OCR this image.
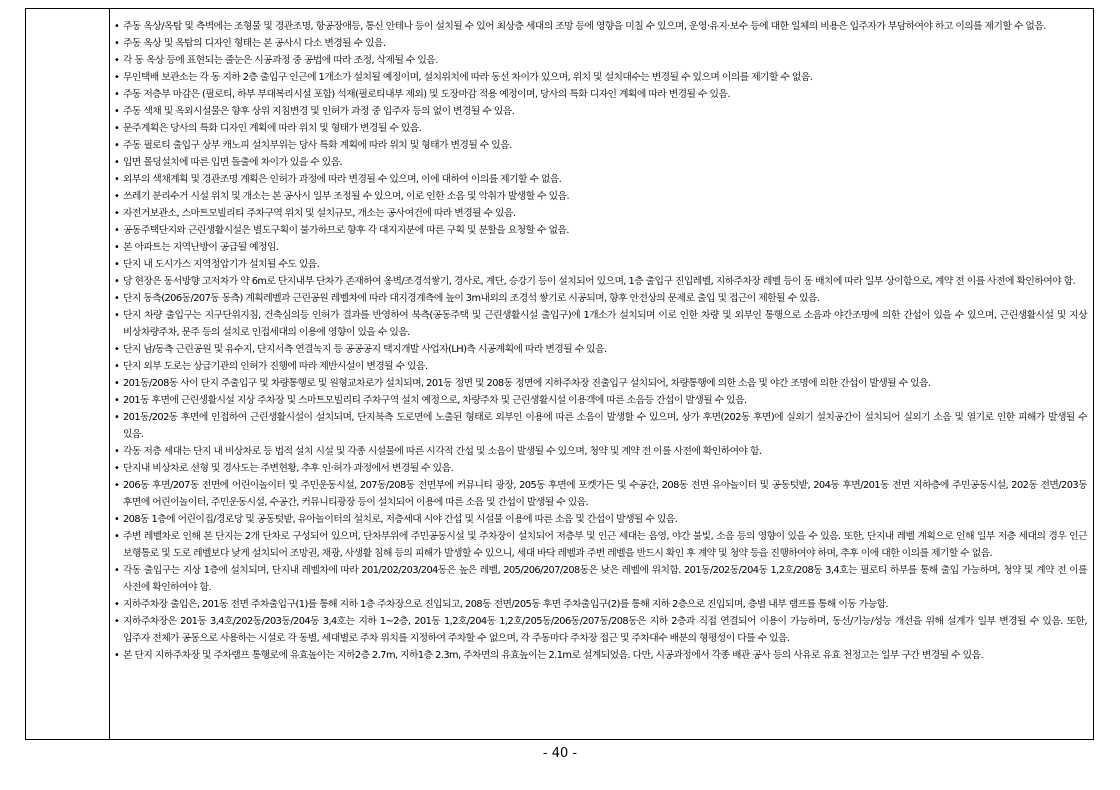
• 주동 옥상/옥탑 및 측벽에는 조형물 및 경관조명, 항공장애등, 통신 안테나 등이 설치될 수 있어 최상층 세대의 조망 등에 영향을 미칠 수 있으며, 운영·유지·보수 등에 대한 일체의 비용은 입주자가 부담하여야 하고 이의를 제기할 수 없음.
• 주동 옥상 및 옥탑의 디자인 형태는 본 공사시 다소 변경될 수 있음.
• 각 동 옥상 등에 표현되는 줄눈은 시공과정 중 공법에 따라 조정, 삭제될 수 있음.
• 무인택배 보관소는 각 동 지하 2층 출입구 인근에 1개소가 설치될 예정이며, 설치위치에 따라 동선 차이가 있으며, 위치 및 설치대수는 변경될 수 있으며 이의를 제기할 수 없음.
• 주동 저층부 마감은 (필로티, 하부 부대복리시설 포함) 석재(필로티내부 제외) 및 도장마감 적용 예정이며, 당사의 특화 디자인 계획에 따라 변경될 수 있음.
• 주동 색채 및 옥외시설물은 향후 상위 지침변경 및 인허가 과정 중 입주자 등의 없이 변경될 수 있음.
• 문주계획은 당사의 특화 디자인 계획에 따라 위치 및 형태가 변경될 수 있음.
• 주동 필로티 출입구 상부 캐노피 설치부위는 당사 특화 계획에 따라 위치 및 형태가 변경될 수 있음.
• 입면 몰딩설치에 따른 입면 돌출에 차이가 있을 수 있음.
• 외부의 색채계획 및 경관조명 계획은 인허가 과정에 따라 변경될 수 있으며, 이에 대하여 이의를 제기할 수 없음.
• 쓰레기 분리수거 시설 위치 및 개소는 본 공사시 일부 조정될 수 있으며, 이로 인한 소음 및 악취가 발생할 수 있음.
• 자전거보관소, 스마트모빌리티 주차구역 위치 및 설치규모, 개소는 공사여건에 따라 변경될 수 있음.
• 공동주택단지와 근린생활시설은 별도구획이 불가하므로 향후 각 대지지분에 따른 구획 및 분할을 요청할 수 없음.
• 본 아파트는 지역난방이 공급될 예정임.
• 단지 내 도시가스 지역정압기가 설치될 수도 있음.
• 당 현장은 동서방향 고저차가 약 6m로 단지내부 단차가 존재하여 옹벽/조경석쌓기, 경사로, 계단, 승강기 등이 설치되어 있으며, 1층 출입구 진입레벨, 지하주차장 레벨 등이 동 배치에 따라 일부 상이함으로, 계약 전 이를 사전에 확인하여야 함.
• 단지 동측(206동/207동 동측) 계획레벨과 근린공원 레벨차에 따라 대지경계측에 높이 3m내외의 조경석 쌓기로 시공되며, 향후 안전상의 문제로 출입 및 접근이 제한될 수 있음.
• 단지 차량 출입구는 지구단위지침, 건축심의등 인허가 결과를 반영하여 북측(공동주택 및 근린생활시설 출입구)에 1개소가 설치되며 이로 인한 차량 및 외부인 통행으로 소음과 야간조명에 의한 간섭이 있을 수 있으며, 근린생활시설 및 지상 비상차량주차, 문주 등의 설치로 인접세대의 이용에 영향이 있을 수 있음.
• 단지 남/동측 근린공원 및 유수지, 단지서측 연결녹지 등 공공공지 택지개발 사업자(LH)측 시공계획에 따라 변경될 수 있음.
• 단지 외부 도로는 상급기관의 인허가 진행에 따라 제반시설이 변경될 수 있음.
• 201동/208동 사이 단지 주출입구 및 차량통행로 및 원형교차로가 설치되며, 201동 정면 및 208동 정면에 지하주차장 진출입구 설치되어, 차량통행에 의한 소음 및 야간 조명에 의한 간섭이 발생될 수 있음.
• 201동 후면에 근린생활시설 지상 주차장 및 스마트모빌리티 주차구역 설치 예정으로, 차량주차 및 근린생활시설 이용객에 따른 소음등 간섭이 발생될 수 있음.
• 201동/202동 후면에 인접하여 근린생활시설이 설치되며, 단지북측 도로면에 노출된 형태로 외부인 이용에 따른 소음이 발생할 수 있으며, 상가 후면(202동 후면)에 실외기 설치공간이 설치되어 실외기 소음 및 열기로 인한 피해가 발생될 수 있음.
• 각동 저층 세대는 단지 내 비상차로 등 법적 설치 시설 및 각종 시설물에 따른 시각적 간섭 및 소음이 발생될 수 있으며, 청약 및 계약 전 이를 사전에 확인하여야 함.
• 단지내 비상차로 선형 및 경사도는 주변현황, 추후 인·허가 과정에서 변경될 수 있음.
• 206동 후면/207동 전면에 어린이놀이터 및 주민운동시설, 207동/208동 전면부에 커뮤니티 광장, 205동 후면에 포켓가든 및 수공간, 208동 전면 유아놀이터 및 공동텃밭, 204동 후면/201동 전면 지하층에 주민공동시설, 202동 전면/203동 후면에 어린이놀이터, 주민운동시설, 수공간, 커뮤니티광장 등이 설치되어 이용에 따른 소음 및 간섭이 발생될 수 있음.
• 208동 1층에 어린이집/경로당 및 공동텃밭, 유아놀이터의 설치로, 저층세대 시야 간섭 및 시설물 이용에 따른 소음 및 간섭이 발생될 수 있음.
• 주변 레벨차로 인해 본 단지는 2개 단차로 구성되어 있으며, 단차부위에 주민공동시설 및 주차장이 설치되어 저층부 및 인근 세대는 음영, 야간 불빛, 소음 등의 영향이 있을 수 있음. 또한, 단지내 레벨 계획으로 인해 일부 저층 세대의 경우 인근 보행통로 및 도로 레벨보다 낮게 설치되어 조망권, 채광, 사생활 침해 등의 피해가 발생할 수 있으니, 세대 바닥 레벨과 주변 레벨을 반드시 확인 후 계약 및 청약 등을 진행하여야 하며, 추후 이에 대한 이의를 제기할 수 없음.
• 각동 출입구는 지상 1층에 설치되며, 단지내 레벨차에 따라 201/202/203/204동은 높은 레벨, 205/206/207/208동은 낮은 레벨에 위치함. 201동/202동/204동 1,2호/208동 3,4호는 필로티 하부를 통해 출입 가능하며, 청약 및 계약 전 이를 사전에 확인하여야 함.
• 지하주차장 출입은, 201동 전면 주차출입구(1)를 통해 지하 1층 주차장으로 진입되고, 208동 전면/205동 후면 주차출입구(2)를 통해 지하 2층으로 진입되며, 층별 내부 램프를 통해 이동 가능함.
• 지하주차장은 201동 3,4호/202동/203동/204동 3,4호는 지하 1~2층, 201동 1,2호/204동 1,2호/205동/206동/207동/208동은 지하 2층과 직접 연결되어 이용이 가능하며, 동선/기능/성능 개선을 위해 설계가 일부 변경될 수 있음. 또한, 입주자 전체가 공동으로 사용하는 시설로 각 동별, 세대별로 주차 위치를 지정하여 주차할 수 없으며, 각 주동마다 주차장 접근 및 주차대수 배분의 형평성이 다를 수 있음.
• 본 단지 지하주차장 및 주차램프 통행로에 유효높이는 지하2층 2.7m, 지하1층 2.3m, 주차면의 유효높이는 2.1m로 설계되었음. 다만, 시공과정에서 각종 배관 공사 등의 사유로 유효 천정고는 일부 구간 변경될 수 있음.
- 40 -
